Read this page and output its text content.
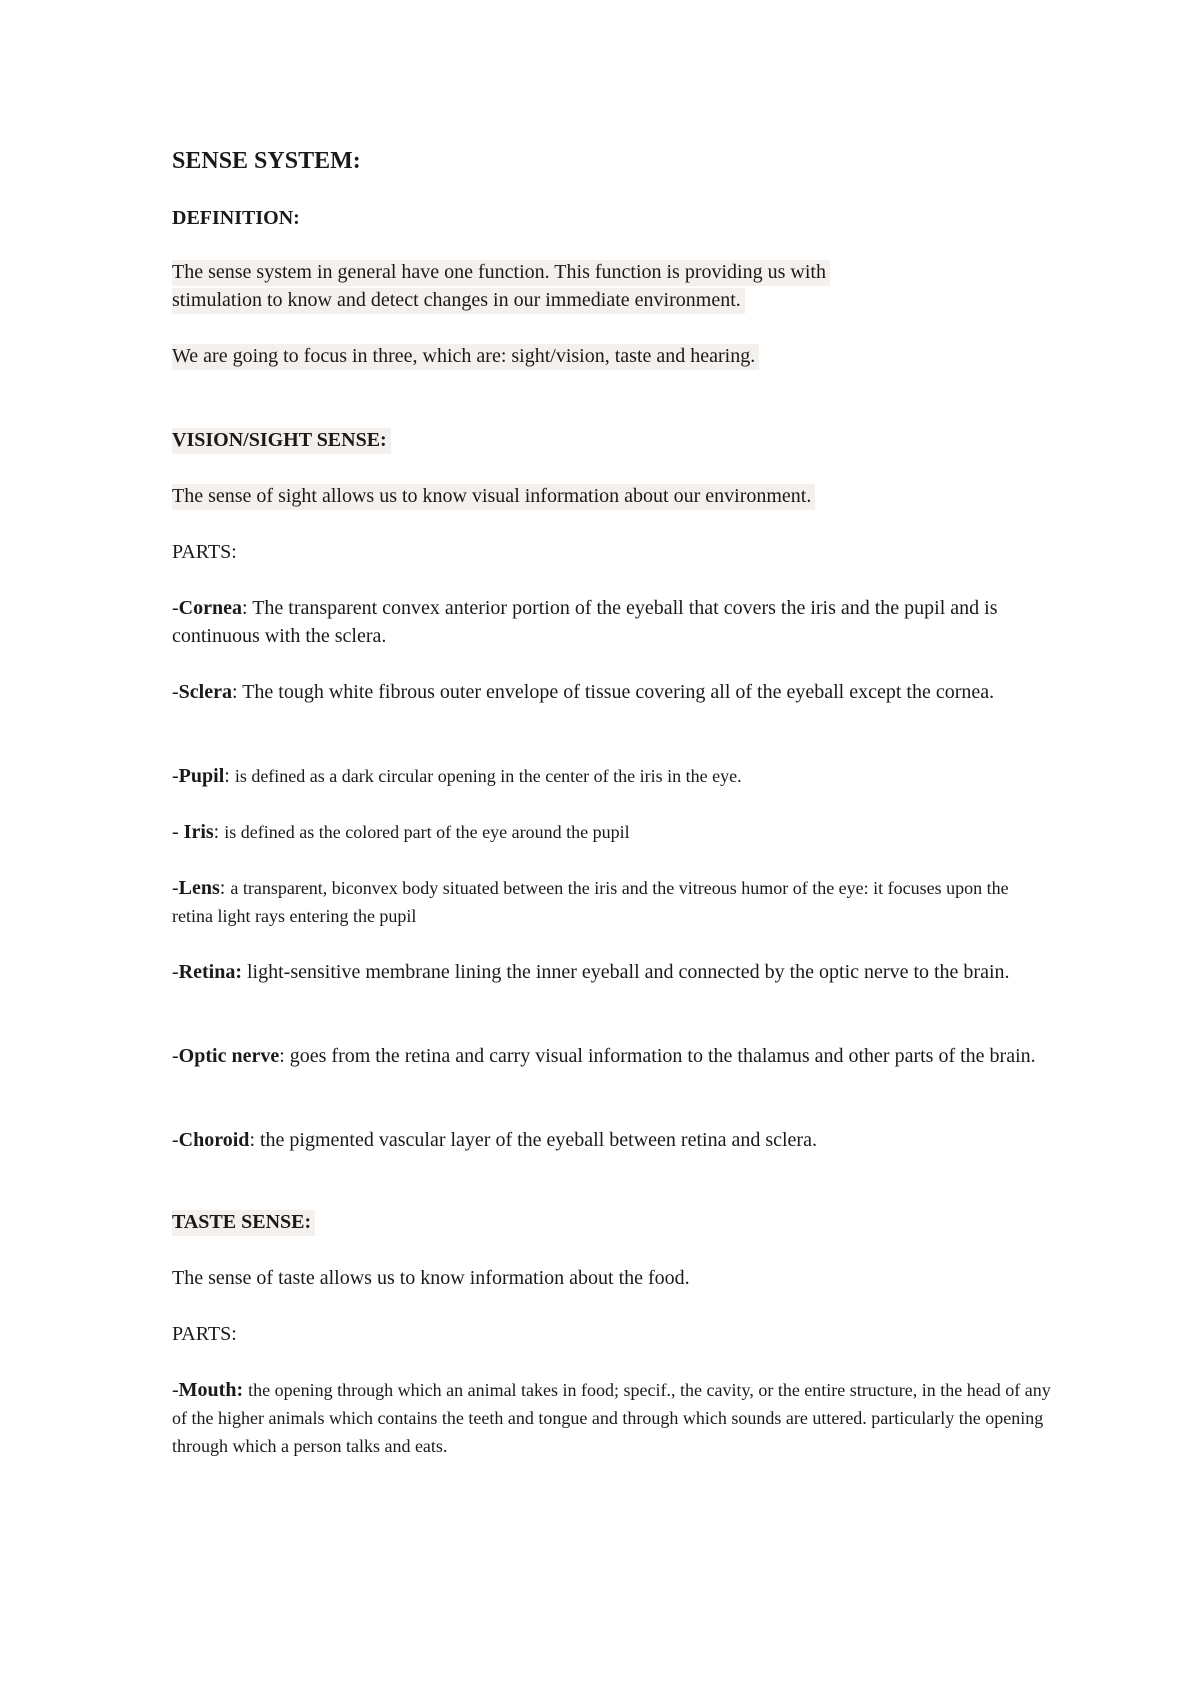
SENSE SYSTEM:
DEFINITION:
The sense system in general have one function. This function is providing us with
stimulation to know and detect changes in our immediate environment.
We are going to focus in three, which are: sight/vision, taste and hearing.
VISION/SIGHT SENSE:
The sense of sight allows us to know visual information about our environment.
PARTS:
-Cornea: The transparent convex anterior portion of the eyeball that covers the iris and the pupil and is continuous with the sclera.
-Sclera: The tough white fibrous outer envelope of tissue covering all of the eyeball except the cornea.
-Pupil: is defined as a dark circular opening in the center of the iris in the eye.
- Iris: is defined as the colored part of the eye around the pupil
-Lens: a transparent, biconvex body situated between the iris and the vitreous humor of the eye: it focuses upon the retina light rays entering the pupil
-Retina: light-sensitive membrane lining the inner eyeball and connected by the optic nerve to the brain.
-Optic nerve: goes from the retina and carry visual information to the thalamus and other parts of the brain.
-Choroid: the pigmented vascular layer of the eyeball between retina and sclera.
TASTE SENSE:
The sense of taste allows us to know information about the food.
PARTS:
-Mouth: the opening through which an animal takes in food; specif., the cavity, or the entire structure, in the head of any of the higher animals which contains the teeth and tongue and through which sounds are uttered. particularly the opening through which a person talks and eats.
